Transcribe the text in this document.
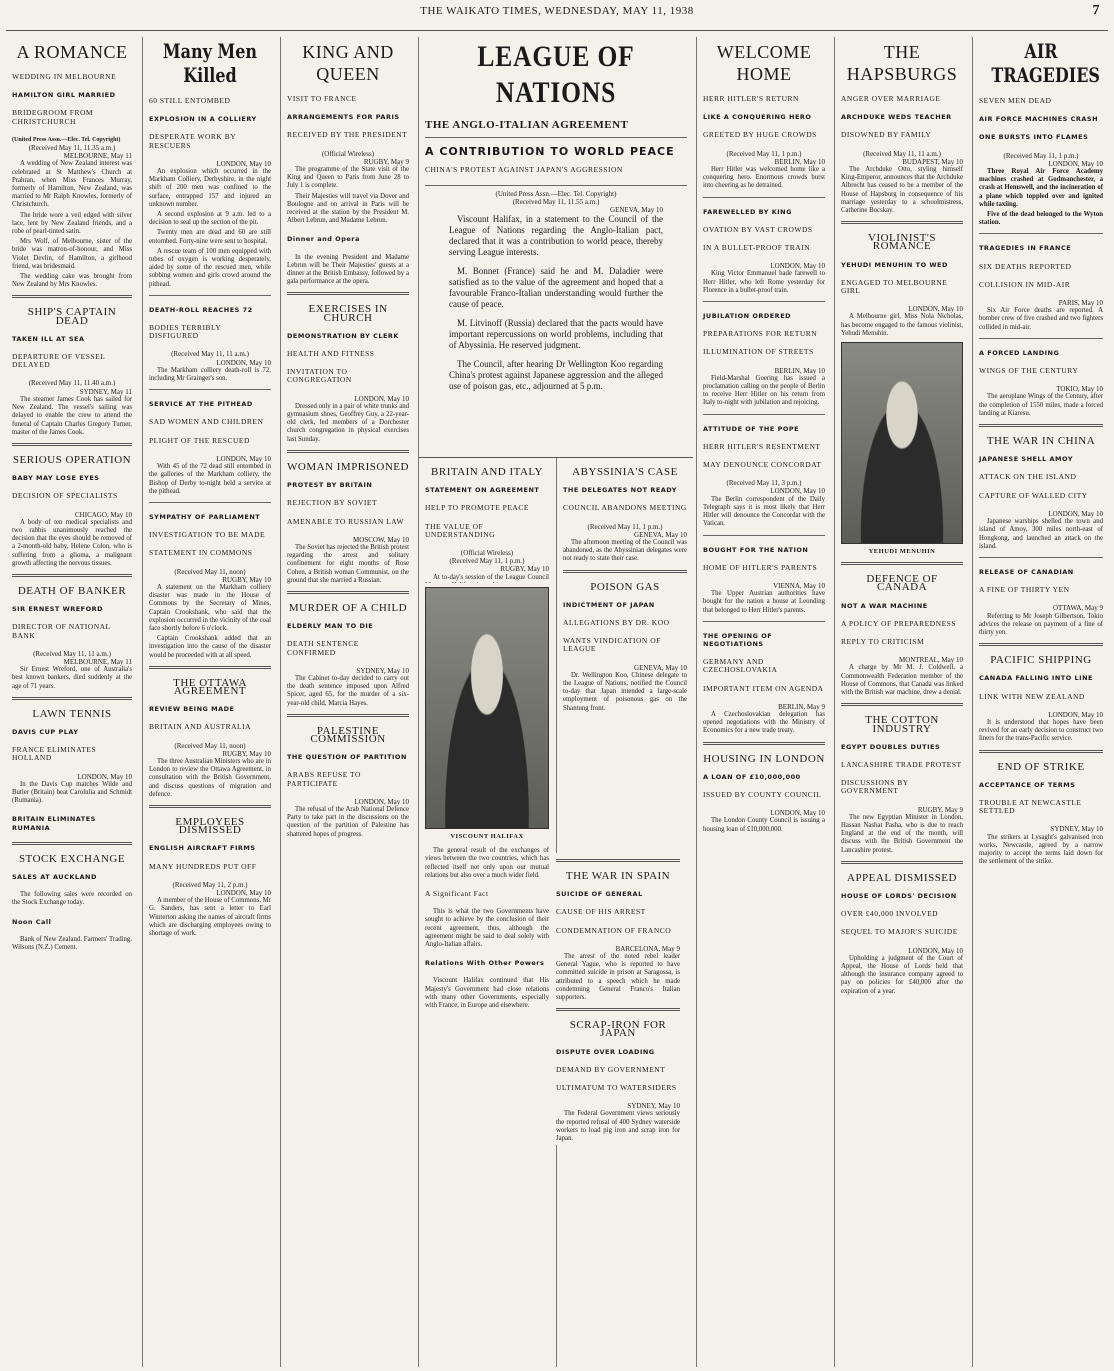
THE WAIKATO TIMES, WEDNESDAY, MAY 11, 1938	7
A ROMANCE
WEDDING IN MELBOURNE
HAMILTON GIRL MARRIED
BRIDEGROOM FROM CHRISTCHURCH
(United Press Assn.—Elec. Tel. Copyright)
(Received May 11, 11.35 a.m.)
MELBOURNE, May 11

A wedding of New Zealand interest was celebrated at St Matthew's Church at Prahran, when Miss Frances Murray, formerly of Hamilton, New Zealand, was married to Mr Ralph Knowles, formerly of Christchurch.

The bride wore a veil edged with silver lace, lent by New Zealand friends, and a robe of pearl-tinted satin.

Mrs Wolf, of Melbourne, sister of the bride was matron-of-honour, and Miss Violet Devlin, of Hamilton, a girlhood friend, was bridesmaid.

The wedding cake was brought from New Zealand by Mrs Knowles.

SHIP'S CAPTAIN DEAD
TAKEN ILL AT SEA
DEPARTURE OF VESSEL DELAYED
(Received May 11, 11.40 a.m.)
SYDNEY, May 11

The steamer James Cook has sailed for New Zealand. The vessel's sailing was delayed to enable the crew to attend the funeral of Captain Charles Gregory Turner, master of the James Cook.

SERIOUS OPERATION
BABY MAY LOSE EYES
DECISION OF SPECIALISTS
CHICAGO, May 10

A body of ten medical specialists and two rabbis unanimously reached the decision that the eyes should be removed of a 2-month-old baby, Helene Colon, who is suffering from a glioma, a malignant growth affecting the nervous tissues.

DEATH OF BANKER
SIR ERNEST WREFORD
DIRECTOR OF NATIONAL BANK
(Received May 11, 11 a.m.)
MELBOURNE, May 11

Sir Ernest Wreford, one of Australia's best known bankers, died suddenly at the age of 71 years.

LAWN TENNIS
DAVIS CUP PLAY
FRANCE ELIMINATES HOLLAND
LONDON, May 10

In the Davis Cup matches Wilde and Butler (Britain) beat Carolulia and Schmidt (Rumania).

BRITAIN ELIMINATES RUMANIA
STOCK EXCHANGE
SALES AT AUCKLAND

The following sales were recorded on the Stock Exchange today.

Noon Call

Bank of New Zealand. Farmers' Trading. Wilsons (N.Z.) Cement.

Many Men Killed
60 STILL ENTOMBED
EXPLOSION IN A COLLIERY
DESPERATE WORK BY RESCUERS
LONDON, May 10

An explosion which occurred in the Markham Colliery, Derbyshire, in the night shift of 200 men was confined to the surface, entrapped 157 and injured an unknown number.

A second explosion at 9 a.m. led to a decision to seal up the section of the pit.

Twenty men are dead and 60 are still entombed. Forty-nine were sent to hospital.

A rescue team of 100 men equipped with tubes of oxygen is working desperately, aided by some of the rescued men, while sobbing women and girls crowd around the pithead.

DEATH-ROLL REACHES 72
BODIES TERRIBLY DISFIGURED
(Received May 11, 11 a.m.)
LONDON, May 10

The Markham colliery death-roll is 72, including Mr Grainger's son.

SERVICE AT THE PITHEAD
SAD WOMEN AND CHILDREN
PLIGHT OF THE RESCUED
LONDON, May 10

With 45 of the 72 dead still entombed in the galleries of the Markham colliery, the Bishop of Derby to-night held a service at the pithead.

SYMPATHY OF PARLIAMENT
INVESTIGATION TO BE MADE
STATEMENT IN COMMONS
(Received May 11, noon)
RUGBY, May 10

A statement on the Markham colliery disaster was made in the House of Commons by the Secretary of Mines, Captain Crookshank, who said that the explosion occurred in the vicinity of the coal face shortly before 6 o'clock.

Captain Crookshank added that an investigation into the cause of the disaster would be proceeded with at all speed.

THE OTTAWA AGREEMENT
REVIEW BEING MADE
BRITAIN AND AUSTRALIA
(Received May 11, noon)
RUGBY, May 10

The three Australian Ministers who are in London to review the Ottawa Agreement, in consultation with the British Government, and discuss questions of migration and defence.

EMPLOYEES DISMISSED
ENGLISH AIRCRAFT FIRMS
MANY HUNDREDS PUT OFF
(Received May 11, 2 p.m.)
LONDON, May 10

A member of the House of Commons, Mr G. Sanders, has sent a letter to Earl Winterton asking the names of aircraft firms which are discharging employees owing to shortage of work.

KING AND QUEEN
VISIT TO FRANCE
ARRANGEMENTS FOR PARIS
RECEIVED BY THE PRESIDENT
(Official Wireless)
RUGBY, May 9

The programme of the State visit of the King and Queen to Paris from June 28 to July 1 is complete.

Their Majesties will travel via Dover and Boulogne and on arrival in Paris will be received at the station by the President M. Albert Lebrun, and Madame Lebrun.

Dinner and Opera

In the evening President and Madame Lebrun will be Their Majesties' guests at a dinner at the British Embassy, followed by a gala performance at the opera.

EXERCISES IN CHURCH
DEMONSTRATION BY CLERK
HEALTH AND FITNESS
INVITATION TO CONGREGATION
LONDON, May 10

Dressed only in a pair of white trunks and gymnasium shoes, Geoffrey Guy, a 22-year-old clerk, led members of a Dorchester church congregation in physical exercises last Sunday.

WOMAN IMPRISONED
PROTEST BY BRITAIN
REJECTION BY SOVIET
AMENABLE TO RUSSIAN LAW
MOSCOW, May 10

The Soviet has rejected the British protest regarding the arrest and solitary confinement for eight months of Rose Cohen, a British woman Communist, on the ground that she married a Russian.

MURDER OF A CHILD
ELDERLY MAN TO DIE
DEATH SENTENCE CONFIRMED
SYDNEY, May 10

The Cabinet to-day decided to carry out the death sentence imposed upon Alfred Spicer, aged 65, for the murder of a six-year-old child, Marcia Hayes.

PALESTINE COMMISSION
THE QUESTION OF PARTITION
ARABS REFUSE TO PARTICIPATE
LONDON, May 10

The refusal of the Arab National Defence Party to take part in the discussions on the question of the partition of Palestine has shattered hopes of progress.

LEAGUE OF NATIONS
THE ANGLO-ITALIAN AGREEMENT
A CONTRIBUTION TO WORLD PEACE
CHINA'S PROTEST AGAINST JAPAN'S AGGRESSION
(United Press Assn.—Elec. Tel. Copyright)
(Received May 11, 11.55 a.m.)
GENEVA, May 10

Viscount Halifax, in a statement to the Council of the League of Nations regarding the Anglo-Italian pact, declared that it was a contribution to world peace, thereby serving League interests.

M. Bonnet (France) said he and M. Daladier were satisfied as to the value of the agreement and hoped that a favourable Franco-Italian understanding would further the cause of peace.

M. Litvinoff (Russia) declared that the pacts would have important repercussions on world problems, including that of Abyssinia. He reserved judgment.

The Council, after hearing Dr Wellington Koo regarding China's protest against Japanese aggression and the alleged use of poison gas, etc., adjourned at 5 p.m.

BRITAIN AND ITALY
STATEMENT ON AGREEMENT
HELP TO PROMOTE PEACE
THE VALUE OF UNDERSTANDING
(Official Wireless)
(Received May 11, 1 p.m.)
RUGBY, May 10

At to-day's session of the League Council

ABYSSINIA'S CASE
THE DELEGATES NOT READY
COUNCIL ABANDONS MEETING
(Received May 11, 1 p.m.)
GENEVA, May 10

The afternoon meeting of the Council was abandoned, as the Abyssinian delegates were not ready to state their case.

POISON GAS
INDICTMENT OF JAPAN
ALLEGATIONS BY DR. KOO
WANTS VINDICATION OF LEAGUE
GENEVA, May 10

Dr. Wellington Koo, Chinese delegate to the League of Nations, notified the Council to-day that Japan intended a large-scale employment of poisonous gas on the Shantung front.

VISCOUNT HALIFAX

The general result of the exchanges of views between the two countries, which has reflected itself not only upon our mutual relations but also over a much wider field.

A Significant Fact

This is what the two Governments have sought to achieve by the conclusion of their recent agreement, thus, although the agreement might be said to deal solely with Anglo-Italian affairs.

Relations With Other Powers

Viscount Halifax continued that His Majesty's Government had close relations with many other Governments, especially with France, in Europe and elsewhere.

THE WAR IN SPAIN
SUICIDE OF GENERAL
CAUSE OF HIS ARREST
CONDEMNATION OF FRANCO
BARCELONA, May 9

The arrest of the noted rebel leader General Yague, who is reported to have committed suicide in prison at Saragossa, is attributed to a speech which he made condemning General Franco's Italian supporters.

SCRAP-IRON FOR JAPAN
DISPUTE OVER LOADING
DEMAND BY GOVERNMENT
ULTIMATUM TO WATERSIDERS
SYDNEY, May 10

The Federal Government views seriously the reported refusal of 400 Sydney waterside workers to load pig iron and scrap iron for Japan.

WELCOME HOME
HERR HITLER'S RETURN
LIKE A CONQUERING HERO
GREETED BY HUGE CROWDS
(Received May 11, 1 p.m.)
BERLIN, May 10

Herr Hitler was welcomed home like a conquering hero. Enormous crowds burst into cheering as he detrained.

FAREWELLED BY KING
OVATION BY VAST CROWDS
IN A BULLET-PROOF TRAIN
LONDON, May 10

King Victor Emmanuel bade farewell to Herr Hitler, who left Rome yesterday for Florence in a bullet-proof train.

JUBILATION ORDERED
PREPARATIONS FOR RETURN
ILLUMINATION OF STREETS
BERLIN, May 10

Field-Marshal Goering has issued a proclamation calling on the people of Berlin to receive Herr Hitler on his return from Italy to-night with jubilation and rejoicing.

ATTITUDE OF THE POPE
HERR HITLER'S RESENTMENT
MAY DENOUNCE CONCORDAT
(Received May 11, 3 p.m.)
LONDON, May 10

The Berlin correspondent of the Daily Telegraph says it is most likely that Herr Hitler will denounce the Concordat with the Vatican.

BOUGHT FOR THE NATION
HOME OF HITLER'S PARENTS
VIENNA, May 10

The Upper Austrian authorities have bought for the nation a house at Leonding that belonged to Herr Hitler's parents.

THE OPENING OF NEGOTIATIONS
GERMANY AND CZECHOSLOVAKIA
IMPORTANT ITEM ON AGENDA
BERLIN, May 9

A Czechoslovakian delegation has opened negotiations with the Ministry of Economics for a new trade treaty.

HOUSING IN LONDON
A LOAN OF £10,000,000
ISSUED BY COUNTY COUNCIL
LONDON, May 10

The London County Council is issuing a housing loan of £10,000,000.

THE HAPSBURGS
ANGER OVER MARRIAGE
ARCHDUKE WEDS TEACHER
DISOWNED BY FAMILY
(Received May 11, 11 a.m.)
BUDAPEST, May 10

The Archduke Otto, styling himself King-Emperor, announces that the Archduke Albrecht has ceased to be a member of the House of Hapsburg in consequence of his marriage yesterday to a schoolmistress, Catherine Bocskay.

VIOLINIST'S ROMANCE
YEHUDI MENUHIN TO WED
ENGAGED TO MELBOURNE GIRL
LONDON, May 10

A Melbourne girl, Miss Nola Nicholas, has become engaged to the famous violinist, Yehudi Menuhin.

YEHUDI MENUHIN
DEFENCE OF CANADA
NOT A WAR MACHINE
A POLICY OF PREPAREDNESS
REPLY TO CRITICISM
MONTREAL, May 10

A charge by Mr M. J. Coldwell, a Commonwealth Federation member of the House of Commons, that Canada was linked with the British war machine, drew a denial.

THE COTTON INDUSTRY
EGYPT DOUBLES DUTIES
LANCASHIRE TRADE PROTEST
DISCUSSIONS BY GOVERNMENT
RUGBY, May 9

The new Egyptian Minister in London, Hassan Nashat Pasha, who is due to reach England at the end of the month, will discuss with the British Government the Lancashire protest.

APPEAL DISMISSED
HOUSE OF LORDS' DECISION
OVER £40,000 INVOLVED
SEQUEL TO MAJOR'S SUICIDE
LONDON, May 10

Upholding a judgment of the Court of Appeal, the House of Lords held that although the insurance company agreed to pay on policies for £40,000 after the expiration of a year.

AIR TRAGEDIES
SEVEN MEN DEAD
AIR FORCE MACHINES CRASH
ONE BURSTS INTO FLAMES
(Received May 11, 1 p.m.)
LONDON, May 10

Three Royal Air Force Academy machines crashed at Godmanchester, a crash at Hemswell, and the incineration of a plane which toppled over and ignited while taxiing.

Five of the dead belonged to the Wyton station.

TRAGEDIES IN FRANCE
SIX DEATHS REPORTED
COLLISION IN MID-AIR
PARIS, May 10

Six Air Force deaths are reported. A bomber crew of five crashed and two fighters collided in mid-air.

A FORCED LANDING
WINGS OF THE CENTURY
TOKIO, May 10

The aeroplane Wings of the Century, after the completion of 1550 miles, made a forced landing at Kiaresu.

THE WAR IN CHINA
JAPANESE SHELL AMOY
ATTACK ON THE ISLAND
CAPTURE OF WALLED CITY
LONDON, May 10

Japanese warships shelled the town and island of Amoy, 300 miles north-east of Hongkong, and launched an attack on the island.

RELEASE OF CANADIAN
A FINE OF THIRTY YEN
OTTAWA, May 9

Referring to Mr Joseph Gilbertson, Tokio advices the release on payment of a fine of thirty yen.

PACIFIC SHIPPING
CANADA FALLING INTO LINE
LINK WITH NEW ZEALAND
LONDON, May 10

It is understood that hopes have been revived for an early decision to construct two liners for the trans-Pacific service.

END OF STRIKE
ACCEPTANCE OF TERMS
TROUBLE AT NEWCASTLE SETTLED
SYDNEY, May 10

The strikers at Lysaght's galvanised iron works, Newcastle, agreed by a narrow majority to accept the terms laid down for the settlement of the strike.
